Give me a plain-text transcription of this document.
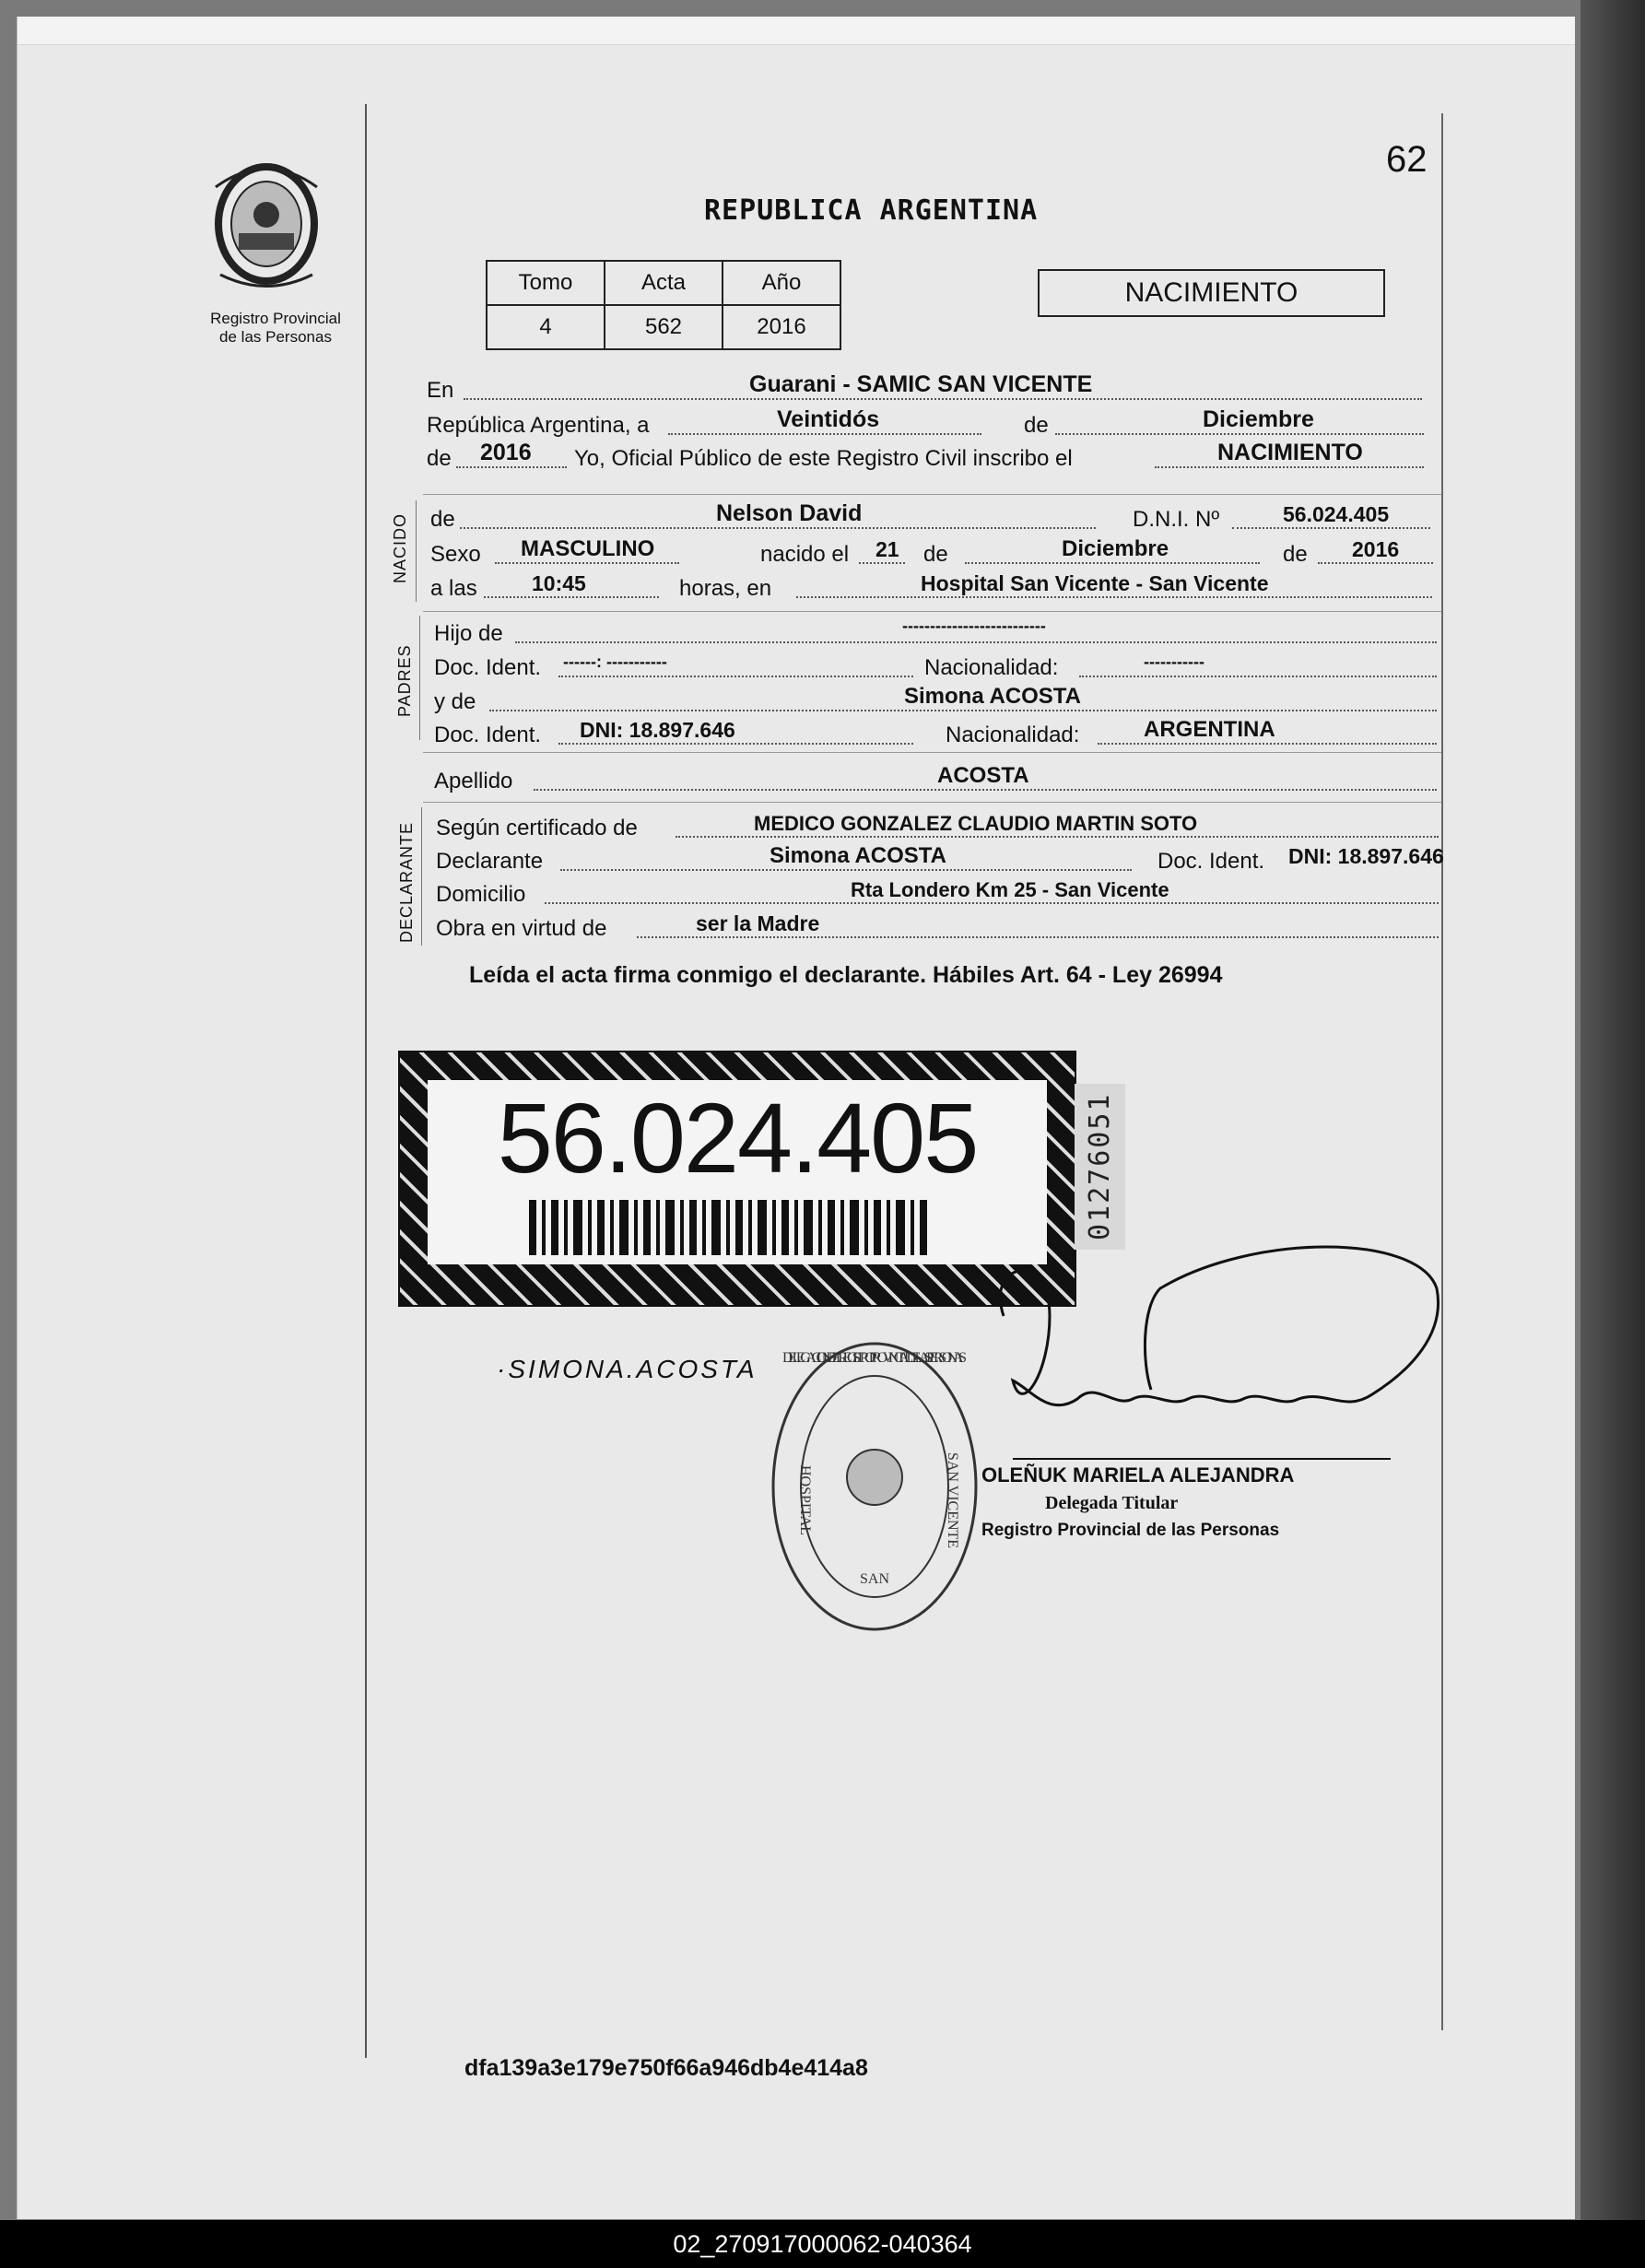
Registro Provincial
de las Personas
62
REPUBLICA ARGENTINA
Tomo	Acta	Año
4	562	2016
NACIMIENTO
En	Guarani - SAMIC SAN VICENTE
República Argentina, a	Veintidós	de	Diciembre
de 2016 Yo, Oficial Público de este Registro Civil inscribo el	NACIMIENTO
NACIDO de	Nelson David	D.N.I. Nº	56.024.405
Sexo MASCULINO	nacido el 21 de	Diciembre	de 2016
a las	10:45	horas, en	Hospital San Vicente - San Vicente
PADRES
Hijo de	--------------------------
Doc. Ident. ------: -----------	Nacionalidad:	-----------
y de	Simona ACOSTA
Doc. Ident. DNI: 18.897.646	Nacionalidad:	ARGENTINA
Apellido	ACOSTA
DECLARANTE Según certificado de	MEDICO GONZALEZ CLAUDIO MARTIN SOTO
Declarante	Simona ACOSTA	Doc. Ident. DNI: 18.897.646
Domicilio	Rta Londero Km 25 - San Vicente
Obra en virtud de	ser la Madre
Leída el acta firma conmigo el declarante. Hábiles Art. 64 - Ley 26994
56.024.405	01276051
·SIMONA.ACOSTA DELEGACION DEL REGISTRO PROVINCIAL DE LAS PERSONAS
HOSPITAL	SAN VICENTE
SAN
OLEÑUK MARIELA ALEJANDRA
Delegada Titular
Registro Provincial de las Personas
dfa139a3e179e750f66a946db4e414a8
02_270917000062-040364
